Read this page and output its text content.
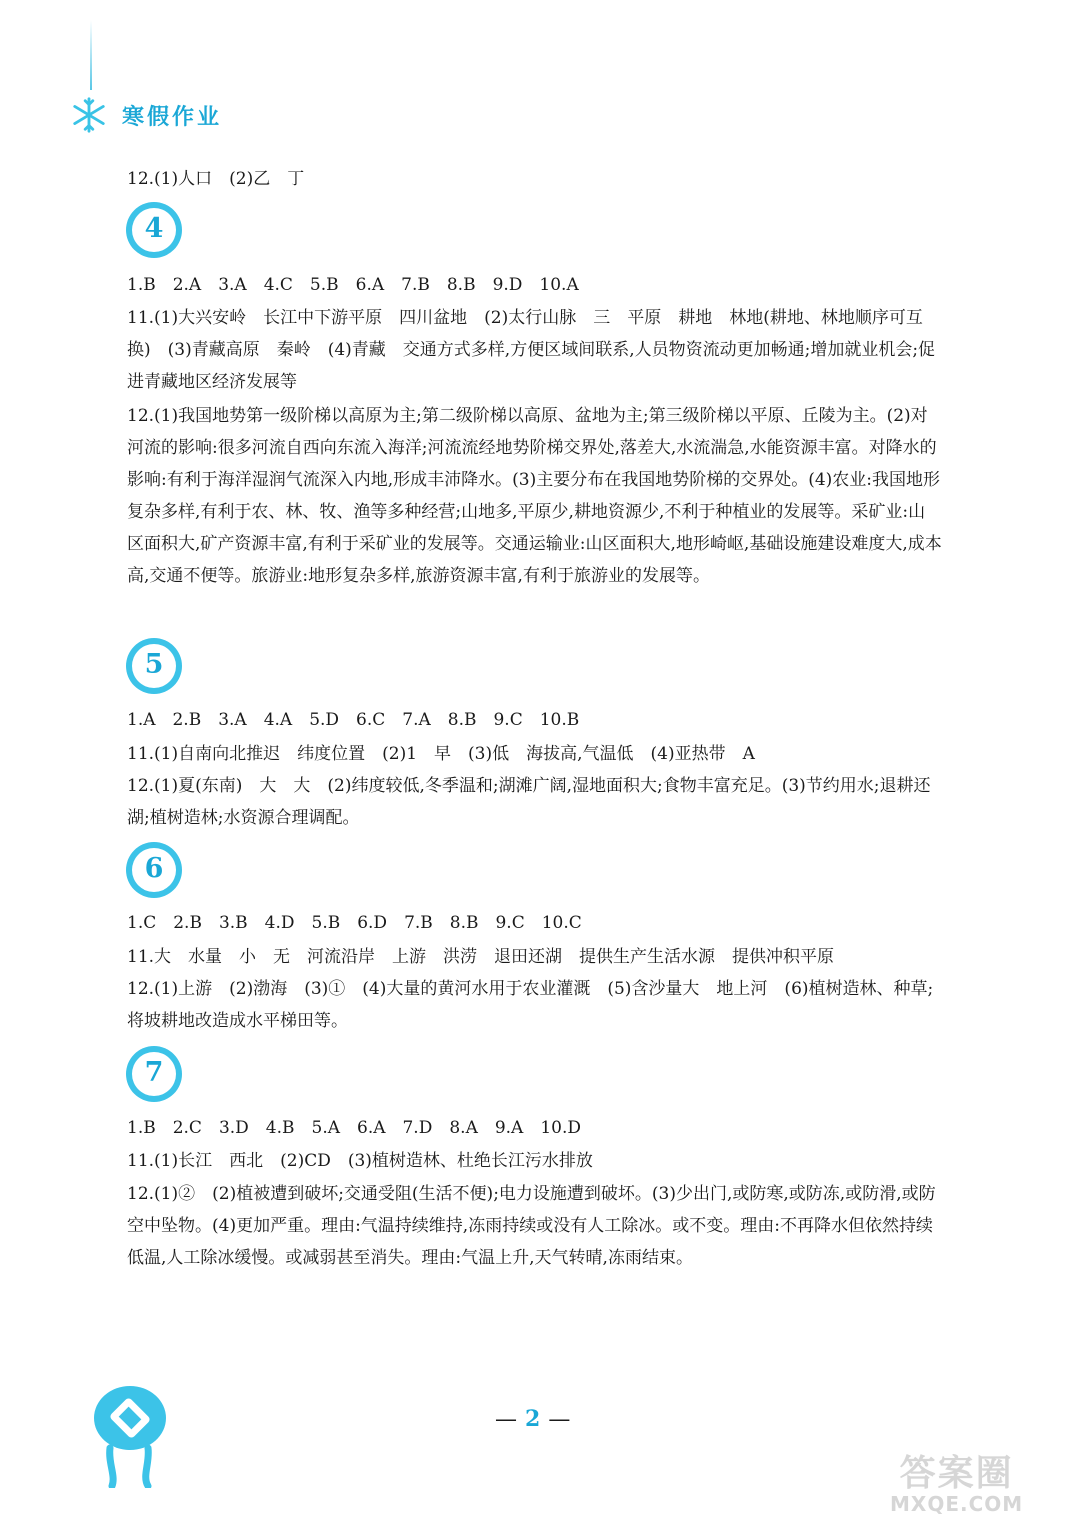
寒假作业
12.(1)人口　(2)乙　丁
4
1.B　2.A　3.A　4.C　5.B　6.A　7.B　8.B　9.D　10.A
11.(1)大兴安岭　长江中下游平原　四川盆地　(2)太行山脉　三　平原　耕地　林地(耕地、林地顺序可互换)　(3)青藏高原　秦岭　(4)青藏　交通方式多样,方便区域间联系,人员物资流动更加畅通;增加就业机会;促进青藏地区经济发展等
12.(1)我国地势第一级阶梯以高原为主;第二级阶梯以高原、盆地为主;第三级阶梯以平原、丘陵为主。(2)对河流的影响:很多河流自西向东流入海洋;河流流经地势阶梯交界处,落差大,水流湍急,水能资源丰富。对降水的影响:有利于海洋湿润气流深入内地,形成丰沛降水。(3)主要分布在我国地势阶梯的交界处。(4)农业:我国地形复杂多样,有利于农、林、牧、渔等多种经营;山地多,平原少,耕地资源少,不利于种植业的发展等。采矿业:山区面积大,矿产资源丰富,有利于采矿业的发展等。交通运输业:山区面积大,地形崎岖,基础设施建设难度大,成本高,交通不便等。旅游业:地形复杂多样,旅游资源丰富,有利于旅游业的发展等。
5
1.A　2.B　3.A　4.A　5.D　6.C　7.A　8.B　9.C　10.B
11.(1)自南向北推迟　纬度位置　(2)1　早　(3)低　海拔高,气温低　(4)亚热带　A
12.(1)夏(东南)　大　大　(2)纬度较低,冬季温和;湖滩广阔,湿地面积大;食物丰富充足。(3)节约用水;退耕还湖;植树造林;水资源合理调配。
6
1.C　2.B　3.B　4.D　5.B　6.D　7.B　8.B　9.C　10.C
11.大　水量　小　无　河流沿岸　上游　洪涝　退田还湖　提供生产生活水源　提供冲积平原
12.(1)上游　(2)渤海　(3)①　(4)大量的黄河水用于农业灌溉　(5)含沙量大　地上河　(6)植树造林、种草;将坡耕地改造成水平梯田等。
7
1.B　2.C　3.D　4.B　5.A　6.A　7.D　8.A　9.A　10.D
11.(1)长江　西北　(2)CD　(3)植树造林、杜绝长江污水排放
12.(1)②　(2)植被遭到破坏;交通受阻(生活不便);电力设施遭到破坏。(3)少出门,或防寒,或防冻,或防滑,或防空中坠物。(4)更加严重。理由:气温持续维持,冻雨持续或没有人工除冰。或不变。理由:不再降水但依然持续低温,人工除冰缓慢。或减弱甚至消失。理由:气温上升,天气转晴,冻雨结束。
— 2 —
答案圈
MXQE.COM
